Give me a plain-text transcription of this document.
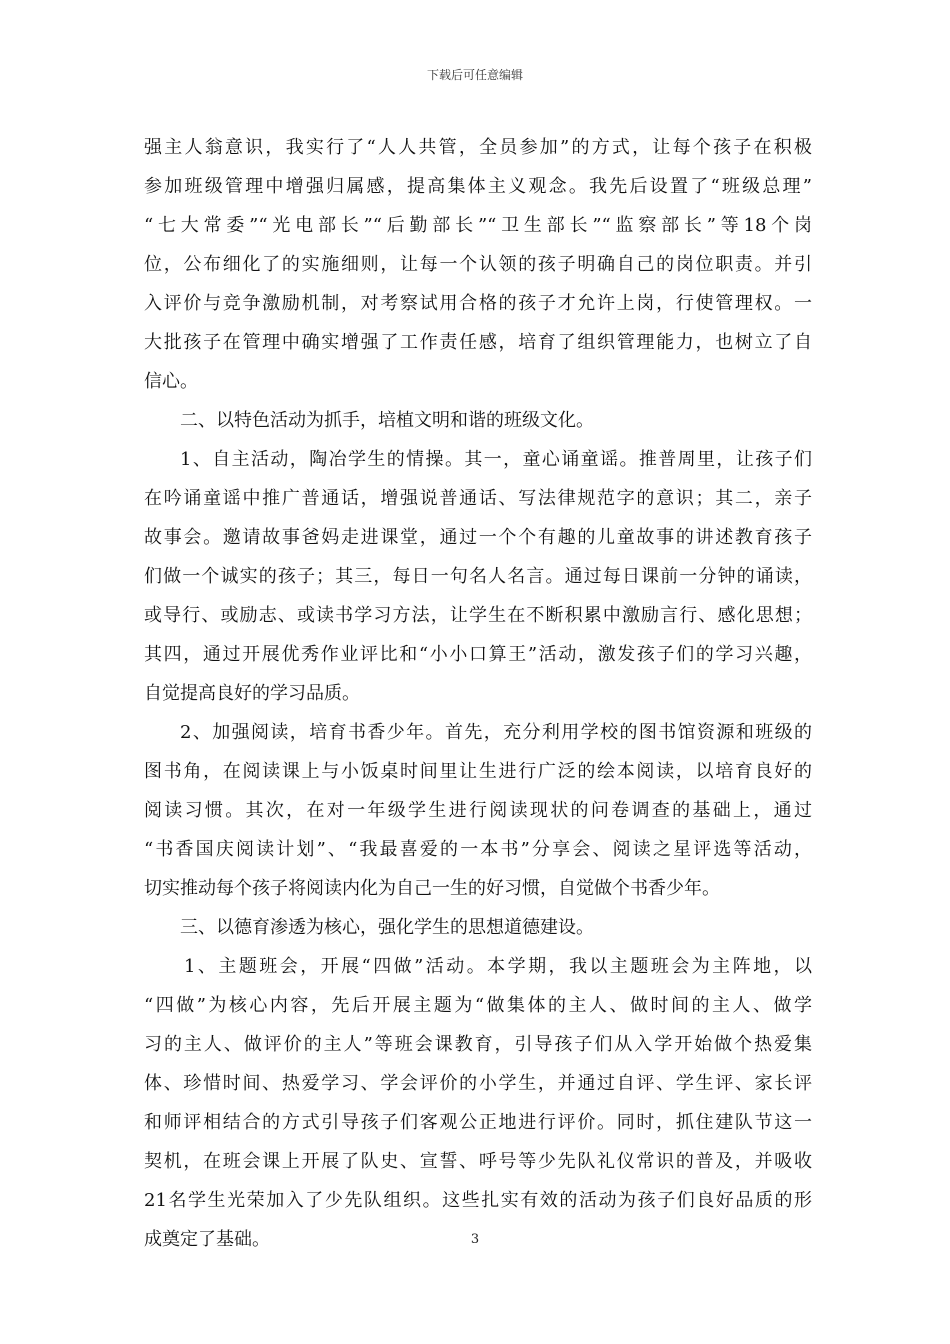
下载后可任意编辑
强主人翁意识，我实行了“人人共管，全员参加”的方式，让每个孩子在积极
参加班级管理中增强归属感，提高集体主义观念。我先后设置了“班级总理”
“七大常委”“光电部长”“后勤部长”“卫生部长”“监察部长”等18个岗
位，公布细化了的实施细则，让每一个认领的孩子明确自己的岗位职责。并引
入评价与竞争激励机制，对考察试用合格的孩子才允许上岗，行使管理权。一
大批孩子在管理中确实增强了工作责任感，培育了组织管理能力，也树立了自
信心。
二、以特色活动为抓手，培植文明和谐的班级文化。
1、自主活动，陶冶学生的情操。其一，童心诵童谣。推普周里，让孩子们
在吟诵童谣中推广普通话，增强说普通话、写法律规范字的意识；其二，亲子
故事会。邀请故事爸妈走进课堂，通过一个个有趣的儿童故事的讲述教育孩子
们做一个诚实的孩子；其三，每日一句名人名言。通过每日课前一分钟的诵读，
或导行、或励志、或读书学习方法，让学生在不断积累中激励言行、感化思想；
其四，通过开展优秀作业评比和“小小口算王”活动，激发孩子们的学习兴趣，
自觉提高良好的学习品质。
2、加强阅读，培育书香少年。首先，充分利用学校的图书馆资源和班级的
图书角，在阅读课上与小饭桌时间里让生进行广泛的绘本阅读，以培育良好的
阅读习惯。其次，在对一年级学生进行阅读现状的问卷调查的基础上，通过
“书香国庆阅读计划”、“我最喜爱的一本书”分享会、阅读之星评选等活动，
切实推动每个孩子将阅读内化为自己一生的好习惯，自觉做个书香少年。
三、以德育渗透为核心，强化学生的思想道德建设。
1、主题班会，开展“四做”活动。本学期，我以主题班会为主阵地，以
“四做”为核心内容，先后开展主题为“做集体的主人、做时间的主人、做学
习的主人、做评价的主人”等班会课教育，引导孩子们从入学开始做个热爱集
体、珍惜时间、热爱学习、学会评价的小学生，并通过自评、学生评、家长评
和师评相结合的方式引导孩子们客观公正地进行评价。同时，抓住建队节这一
契机，在班会课上开展了队史、宣誓、呼号等少先队礼仪常识的普及，并吸收
21名学生光荣加入了少先队组织。这些扎实有效的活动为孩子们良好品质的形
成奠定了基础。	3
